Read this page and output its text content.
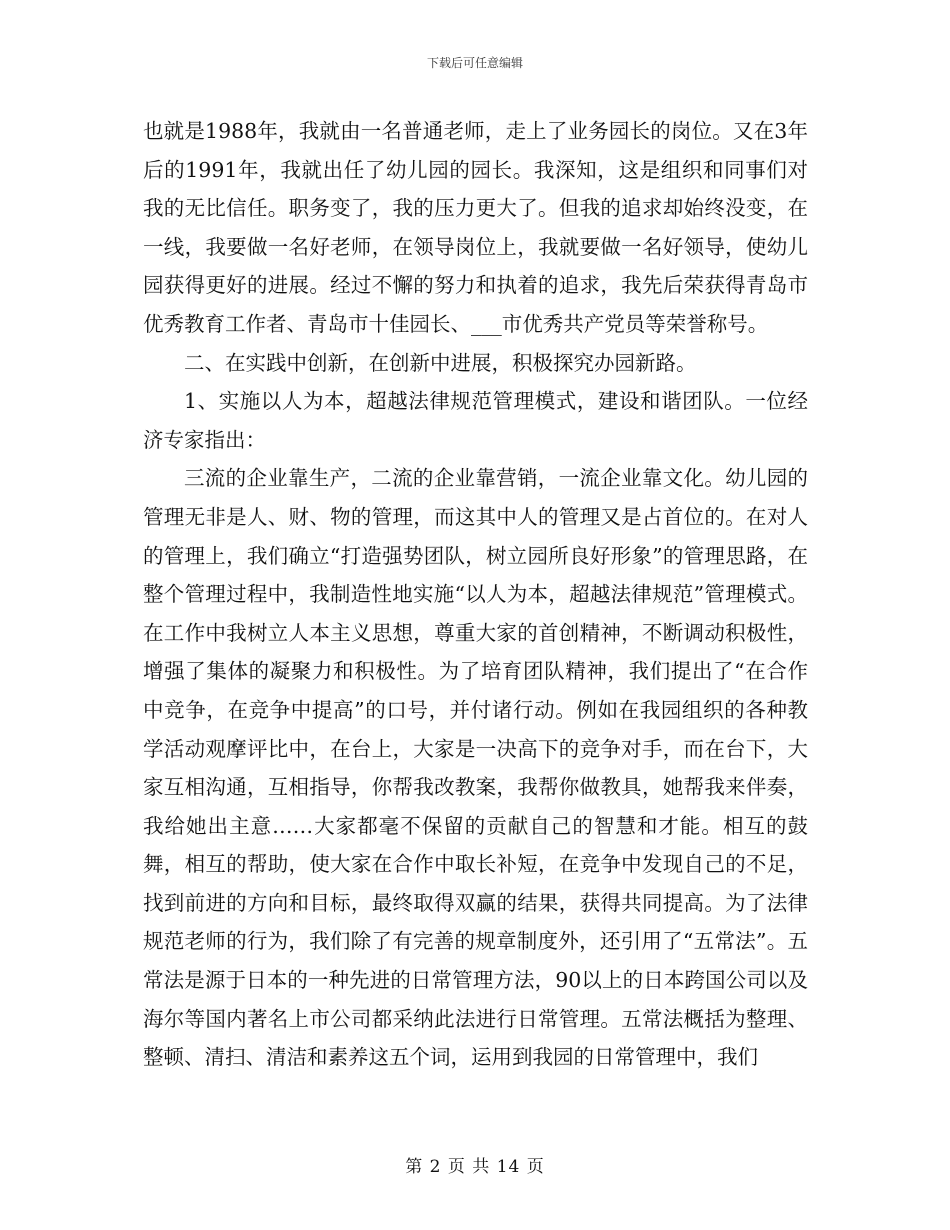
下载后可任意编辑

也就是1988年，我就由一名普通老师，走上了业务园长的岗位。又在3年后的1991年，我就出任了幼儿园的园长。我深知，这是组织和同事们对我的无比信任。职务变了，我的压力更大了。但我的追求却始终没变，在一线，我要做一名好老师，在领导岗位上，我就要做一名好领导，使幼儿园获得更好的进展。经过不懈的努力和执着的追求，我先后荣获得青岛市优秀教育工作者、青岛市十佳园长、___市优秀共产党员等荣誉称号。

二、在实践中创新，在创新中进展，积极探究办园新路。

1、实施以人为本，超越法律规范管理模式，建设和谐团队。一位经济专家指出：

三流的企业靠生产，二流的企业靠营销，一流企业靠文化。幼儿园的管理无非是人、财、物的管理，而这其中人的管理又是占首位的。在对人的管理上，我们确立“打造强势团队，树立园所良好形象”的管理思路，在整个管理过程中，我制造性地实施“以人为本，超越法律规范”管理模式。在工作中我树立人本主义思想，尊重大家的首创精神，不断调动积极性，增强了集体的凝聚力和积极性。为了培育团队精神，我们提出了“在合作中竞争，在竞争中提高”的口号，并付诸行动。例如在我园组织的各种教学活动观摩评比中，在台上，大家是一决高下的竞争对手，而在台下，大家互相沟通，互相指导，你帮我改教案，我帮你做教具，她帮我来伴奏，我给她出主意……大家都毫不保留的贡献自己的智慧和才能。相互的鼓舞，相互的帮助，使大家在合作中取长补短，在竞争中发现自己的不足，找到前进的方向和目标，最终取得双赢的结果，获得共同提高。为了法律规范老师的行为，我们除了有完善的规章制度外，还引用了“五常法”。五常法是源于日本的一种先进的日常管理方法，90以上的日本跨国公司以及海尔等国内著名上市公司都采纳此法进行日常管理。五常法概括为整理、整顿、清扫、清洁和素养这五个词，运用到我园的日常管理中，我们

第 2 页 共 14 页
